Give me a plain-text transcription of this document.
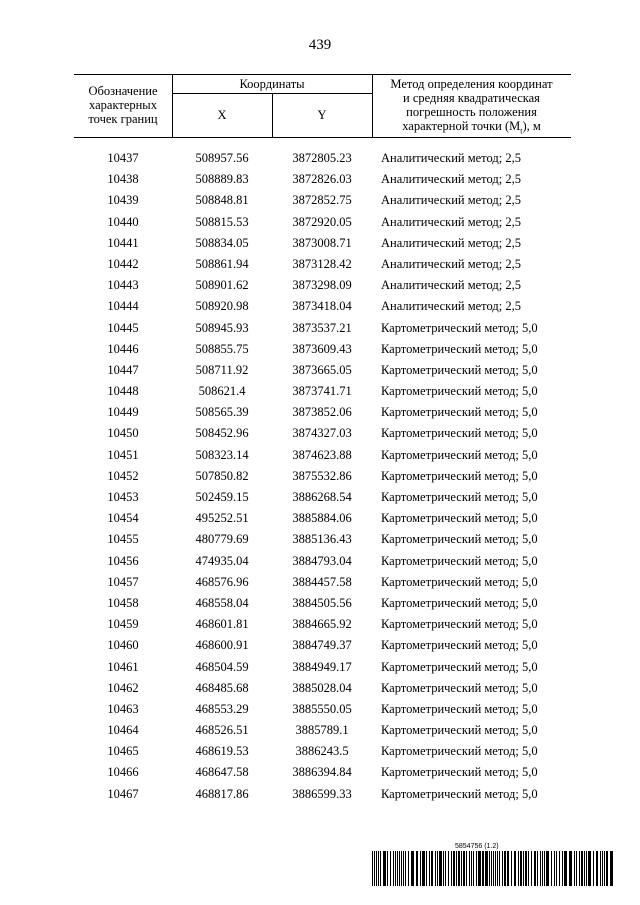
439
Обозначение
характерных
точек границ
Координаты
X	Y
Метод определения координат
и средняя квадратическая
погрешность положения
характерной точки $(M_t)$, м
10437	508957.56	3872805.23	Аналитический метод; 2,5
10438	508889.83	3872826.03	Аналитический метод; 2,5
10439	508848.81	3872852.75	Аналитический метод; 2,5
10440	508815.53	3872920.05	Аналитический метод; 2,5
10441	508834.05	3873008.71	Аналитический метод; 2,5
10442	508861.94	3873128.42	Аналитический метод; 2,5
10443	508901.62	3873298.09	Аналитический метод; 2,5
10444	508920.98	3873418.04	Аналитический метод; 2,5
10445	508945.93	3873537.21	Картометрический метод; 5,0
10446	508855.75	3873609.43	Картометрический метод; 5,0
10447	508711.92	3873665.05	Картометрический метод; 5,0
10448	508621.4	3873741.71	Картометрический метод; 5,0
10449	508565.39	3873852.06	Картометрический метод; 5,0
10450	508452.96	3874327.03	Картометрический метод; 5,0
10451	508323.14	3874623.88	Картометрический метод; 5,0
10452	507850.82	3875532.86	Картометрический метод; 5,0
10453	502459.15	3886268.54	Картометрический метод; 5,0
10454	495252.51	3885884.06	Картометрический метод; 5,0
10455	480779.69	3885136.43	Картометрический метод; 5,0
10456	474935.04	3884793.04	Картометрический метод; 5,0
10457	468576.96	3884457.58	Картометрический метод; 5,0
10458	468558.04	3884505.56	Картометрический метод; 5,0
10459	468601.81	3884665.92	Картометрический метод; 5,0
10460	468600.91	3884749.37	Картометрический метод; 5,0
10461	468504.59	3884949.17	Картометрический метод; 5,0
10462	468485.68	3885028.04	Картометрический метод; 5,0
10463	468553.29	3885550.05	Картометрический метод; 5,0
10464	468526.51	3885789.1	Картометрический метод; 5,0
10465	468619.53	3886243.5	Картометрический метод; 5,0
10466	468647.58	3886394.84	Картометрический метод; 5,0
10467	468817.86	3886599.33	Картометрический метод; 5,0
5854756 (1.2)
